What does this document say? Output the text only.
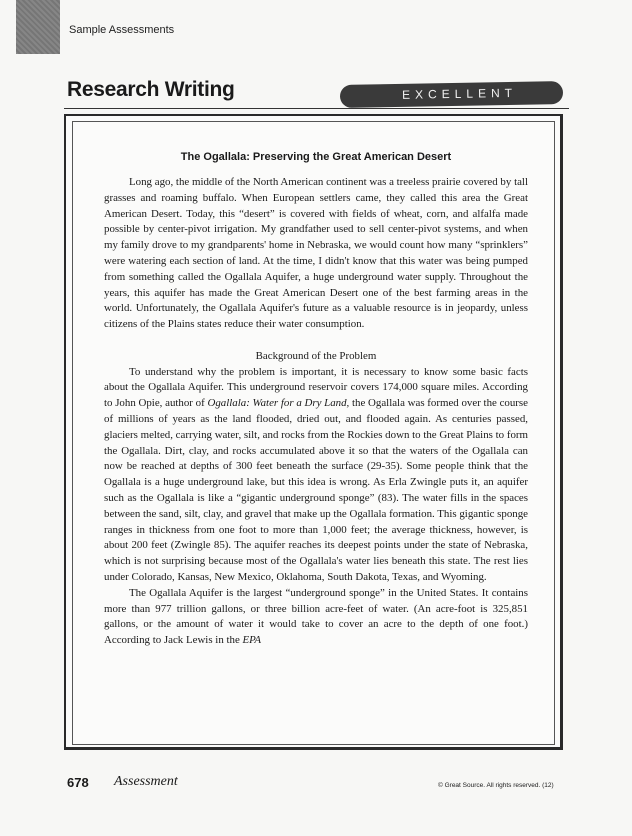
Sample Assessments
Research Writing	EXCELLENT
The Ogallala: Preserving the Great American Desert

Long ago, the middle of the North American continent was a treeless prairie covered by tall grasses and roaming buffalo. When European settlers came, they called this area the Great American Desert. Today, this “desert” is covered with fields of wheat, corn, and alfalfa made possible by center-pivot irrigation. My grandfather used to sell center-pivot systems, and when my family drove to my grandparents' home in Nebraska, we would count how many “sprinklers” were watering each section of land. At the time, I didn't know that this water was being pumped from something called the Ogallala Aquifer, a huge underground water supply. Throughout the years, this aquifer has made the Great American Desert one of the best farming areas in the world. Unfortunately, the Ogallala Aquifer's future as a valuable resource is in jeopardy, unless citizens of the Plains states reduce their water consumption.

Background of the Problem

To understand why the problem is important, it is necessary to know some basic facts about the Ogallala Aquifer. This underground reservoir covers 174,000 square miles. According to John Opie, author of Ogallala: Water for a Dry Land, the Ogallala was formed over the course of millions of years as the land flooded, dried out, and flooded again. As centuries passed, glaciers melted, carrying water, silt, and rocks from the Rockies down to the Great Plains to form the Ogallala. Dirt, clay, and rocks accumulated above it so that the waters of the Ogallala can now be reached at depths of 300 feet beneath the surface (29-35). Some people think that the Ogallala is a huge underground lake, but this idea is wrong. As Erla Zwingle puts it, an aquifer such as the Ogallala is like a “gigantic underground sponge” (83). The water fills in the spaces between the sand, silt, clay, and gravel that make up the Ogallala formation. This gigantic sponge ranges in thickness from one foot to more than 1,000 feet; the average thickness, however, is about 200 feet (Zwingle 85). The aquifer reaches its deepest points under the state of Nebraska, which is not surprising because most of the Ogallala's water lies beneath this state. The rest lies under Colorado, Kansas, New Mexico, Oklahoma, South Dakota, Texas, and Wyoming.

The Ogallala Aquifer is the largest “underground sponge” in the United States. It contains more than 977 trillion gallons, or three billion acre-feet of water. (An acre-foot is 325,851 gallons, or the amount of water it would take to cover an acre to the depth of one foot.) According to Jack Lewis in the EPA

678 Assessment	© Great Source. All rights reserved. (12)
